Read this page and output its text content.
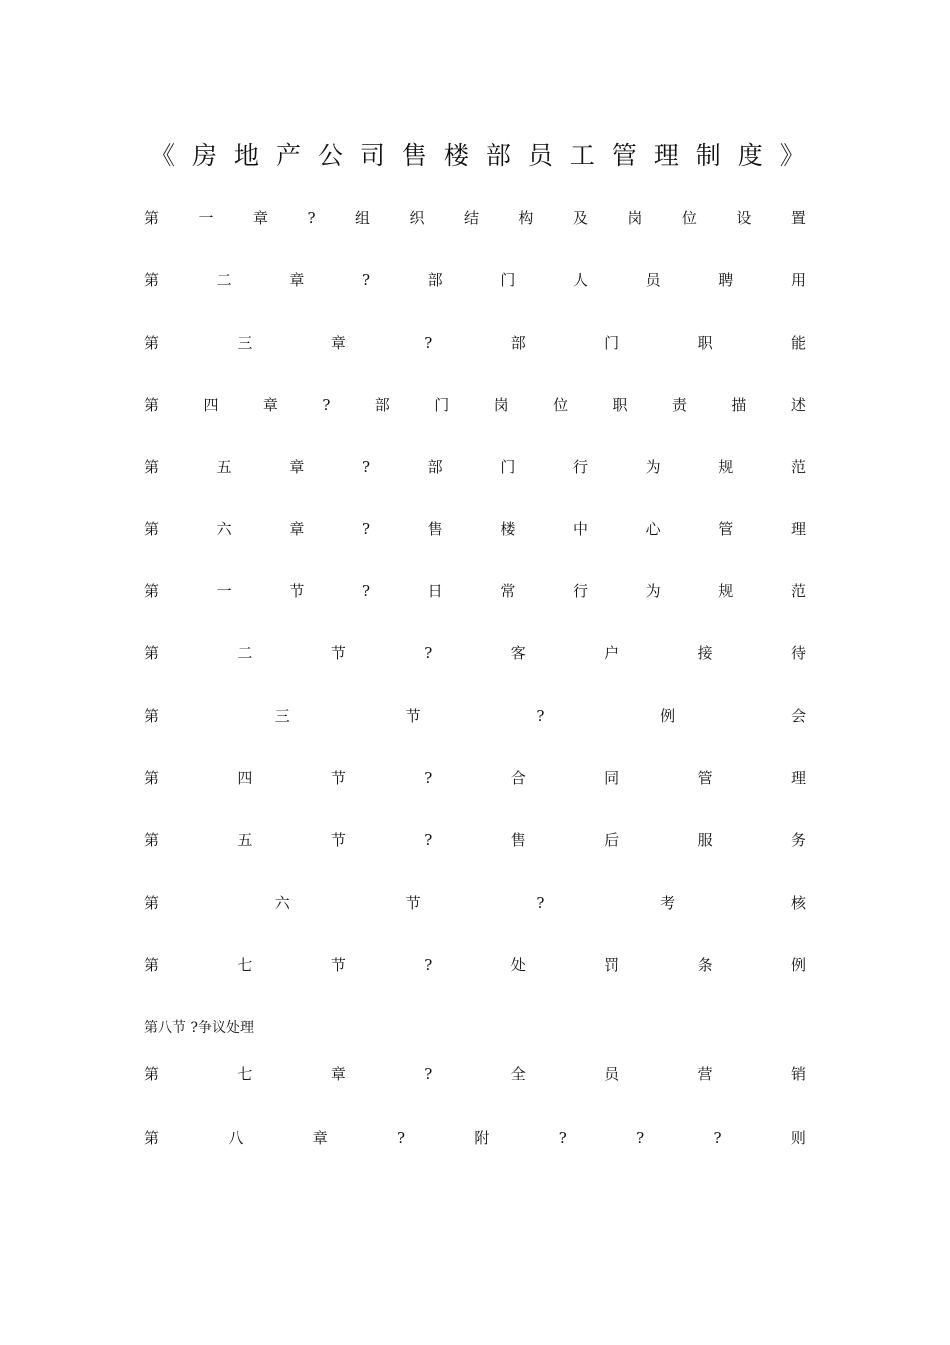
《 房 地 产 公 司 售 楼 部 员 工 管 理 制 度 》
第	一	章	?	组	织	结	构	及	岗	位	设	置
第	二	章	?	部	门	人	员	聘	用
第	三	章	?	部	门	职	能
第	四	章	?	部	门	岗	位	职	责	描	述
第	五	章	?	部	门	行	为	规	范
第	六	章	?	售	楼	中	心	管	理
第	一	节	?	日	常	行	为	规	范
第	二	节	?	客	户	接	待
第	三	节	?	例	会
第	四	节	?	合	同	管	理
第	五	节	?	售	后	服	务
第	六	节	?	考	核
第	七	节	?	处	罚	条	例
第八节 ?争议处理
第	七	章	?	全	员	营	销
第	八	章	?	附	?	?	?	则
